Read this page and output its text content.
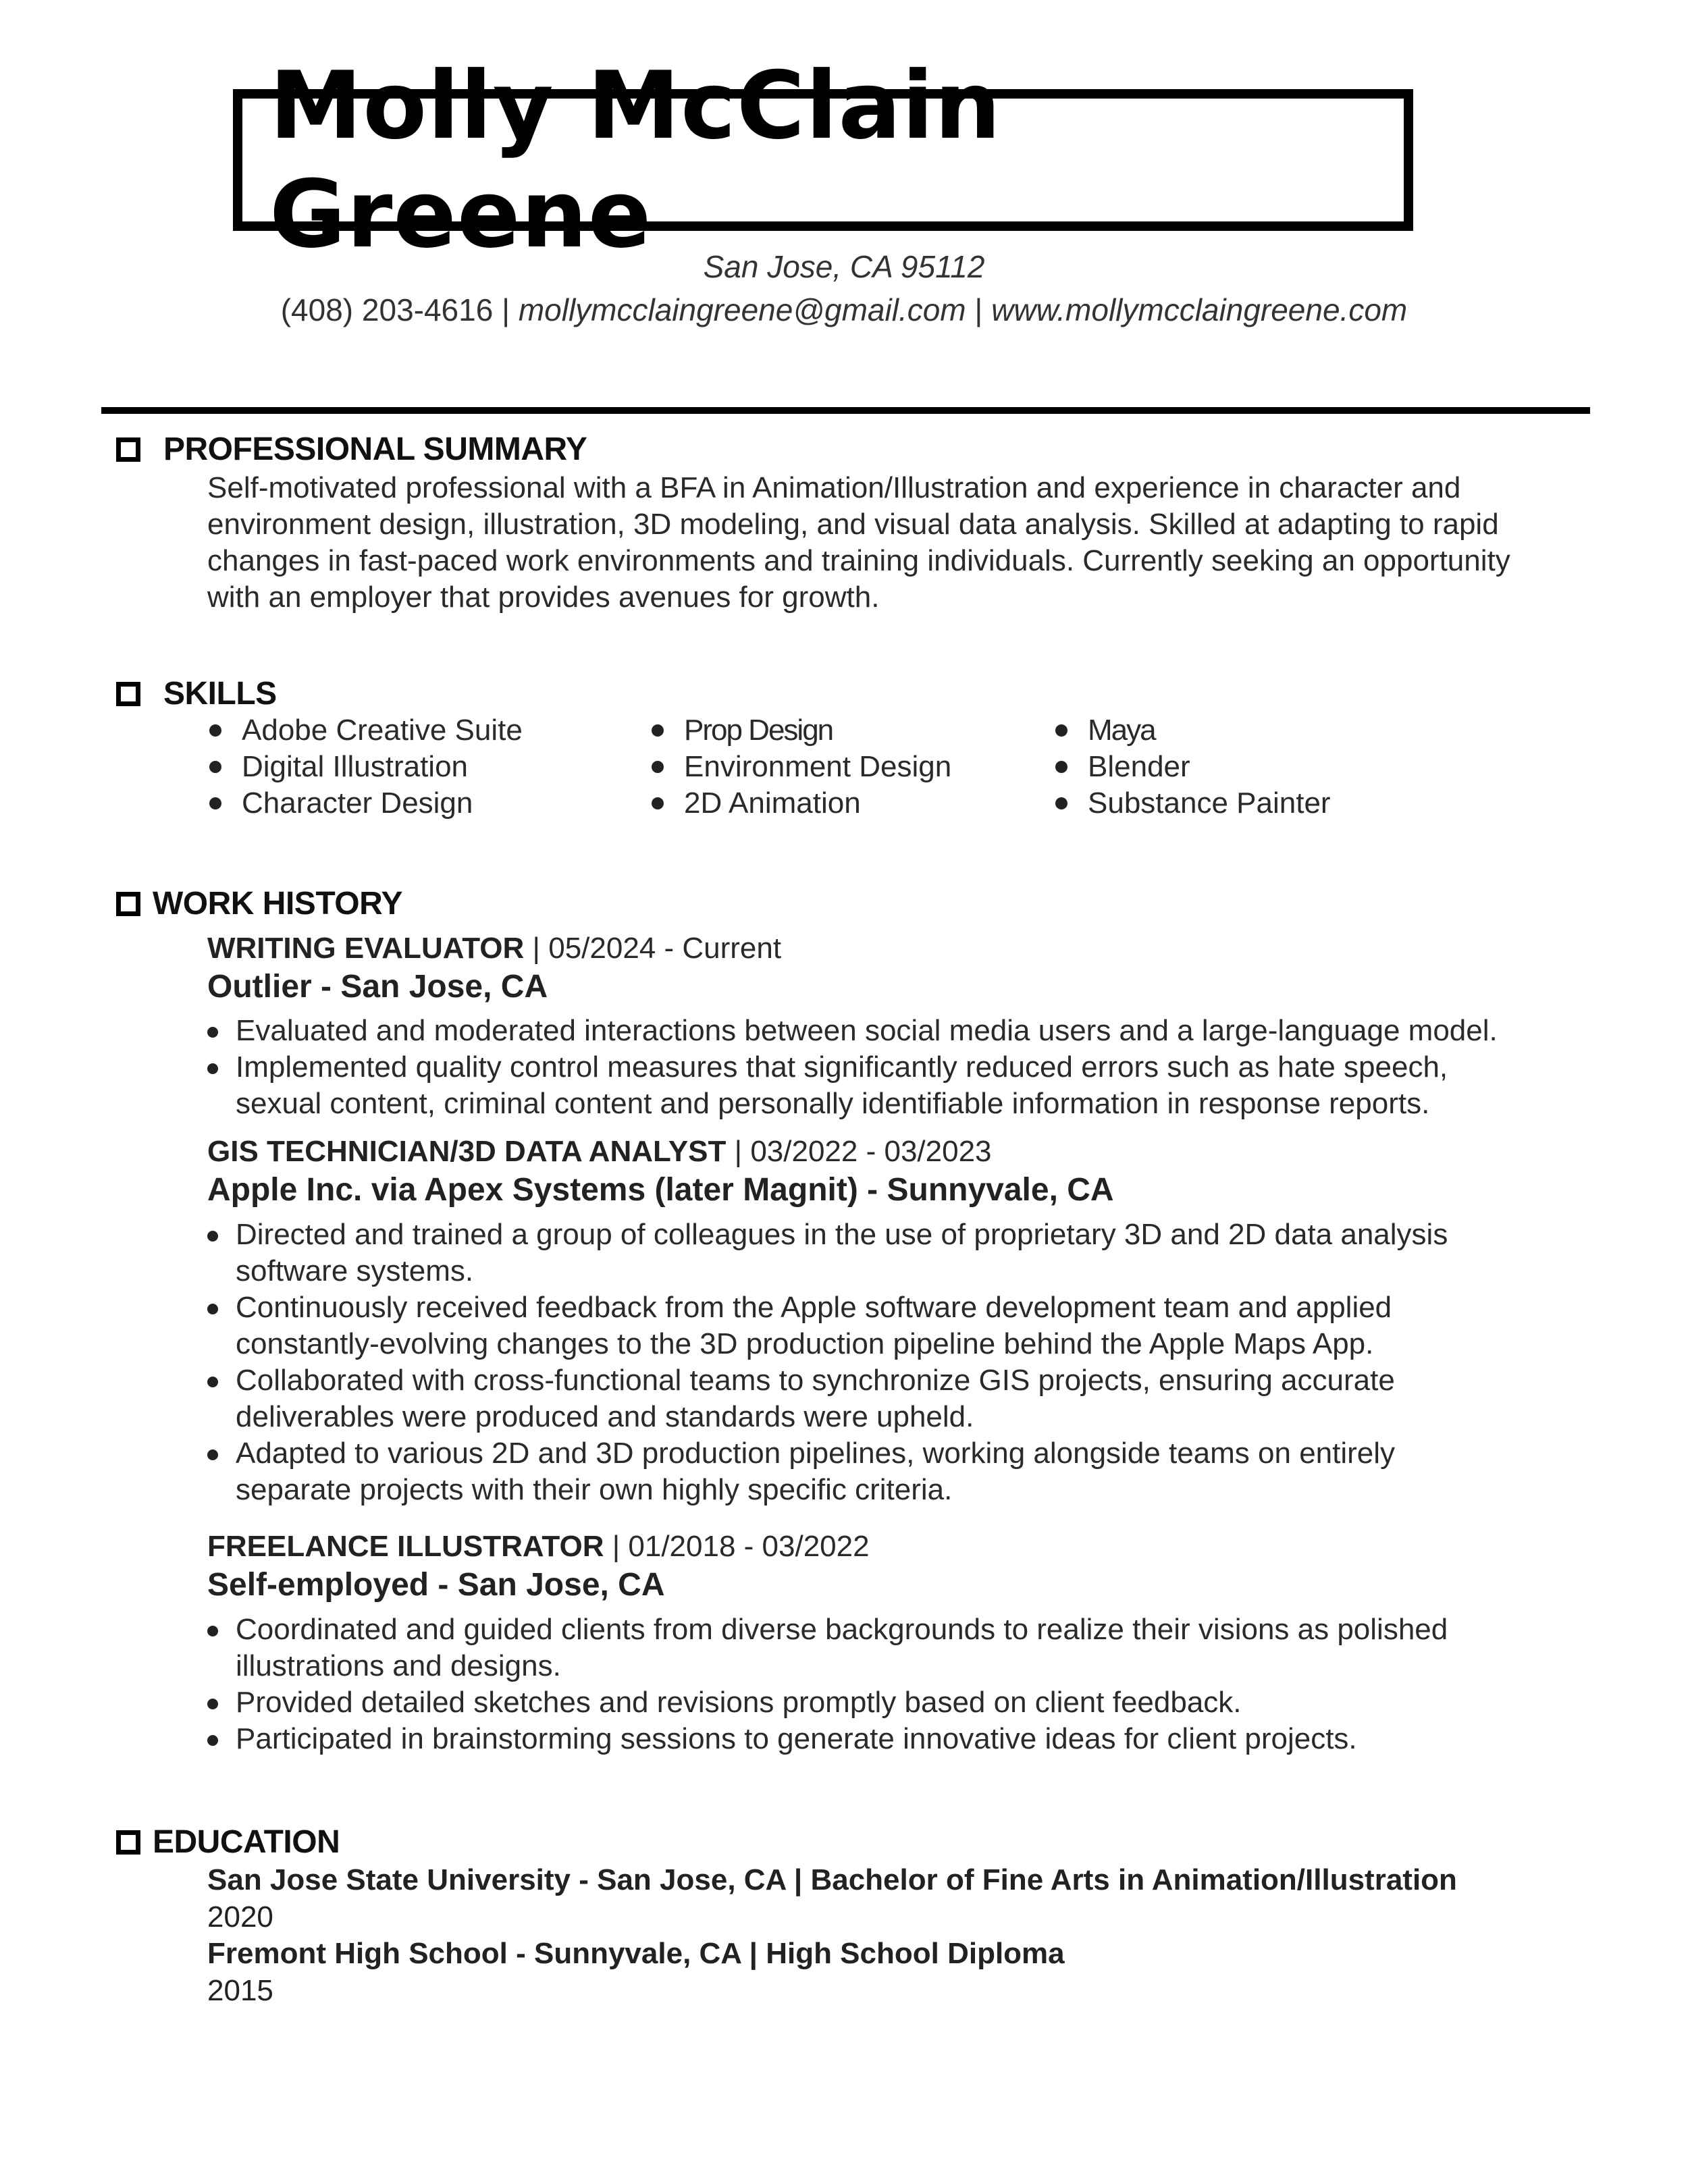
Molly McClain Greene	San Jose, CA 95112
(408) 203-4616 | mollymcclaingreene@gmail.com | www.mollymcclaingreene.com
PROFESSIONAL SUMMARY
Self-motivated professional with a BFA in Animation/Illustration and experience in character and
environment design, illustration, 3D modeling, and visual data analysis. Skilled at adapting to rapid
changes in fast-paced work environments and training individuals. Currently seeking an opportunity
with an employer that provides avenues for growth.
SKILLS
Adobe Creative Suite
Digital Illustration
Character Design
Prop Design
Environment Design
2D Animation
Maya
Blender
Substance Painter
WORK HISTORY
WRITING EVALUATOR | 05/2024 - Current
Outlier - San Jose, CA
Evaluated and moderated interactions between social media users and a large-language model.
Implemented quality control measures that significantly reduced errors such as hate speech,
sexual content, criminal content and personally identifiable information in response reports.
GIS TECHNICIAN/3D DATA ANALYST | 03/2022 - 03/2023
Apple Inc. via Apex Systems (later Magnit) - Sunnyvale, CA
Directed and trained a group of colleagues in the use of proprietary 3D and 2D data analysis
software systems.
Continuously received feedback from the Apple software development team and applied
constantly-evolving changes to the 3D production pipeline behind the Apple Maps App.
Collaborated with cross-functional teams to synchronize GIS projects, ensuring accurate
deliverables were produced and standards were upheld.
Adapted to various 2D and 3D production pipelines, working alongside teams on entirely
separate projects with their own highly specific criteria.
FREELANCE ILLUSTRATOR | 01/2018 - 03/2022
Self-employed - San Jose, CA
Coordinated and guided clients from diverse backgrounds to realize their visions as polished
illustrations and designs.
Provided detailed sketches and revisions promptly based on client feedback.
Participated in brainstorming sessions to generate innovative ideas for client projects.
EDUCATION
San Jose State University - San Jose, CA | Bachelor of Fine Arts in Animation/Illustration
2020
Fremont High School - Sunnyvale, CA | High School Diploma
2015
